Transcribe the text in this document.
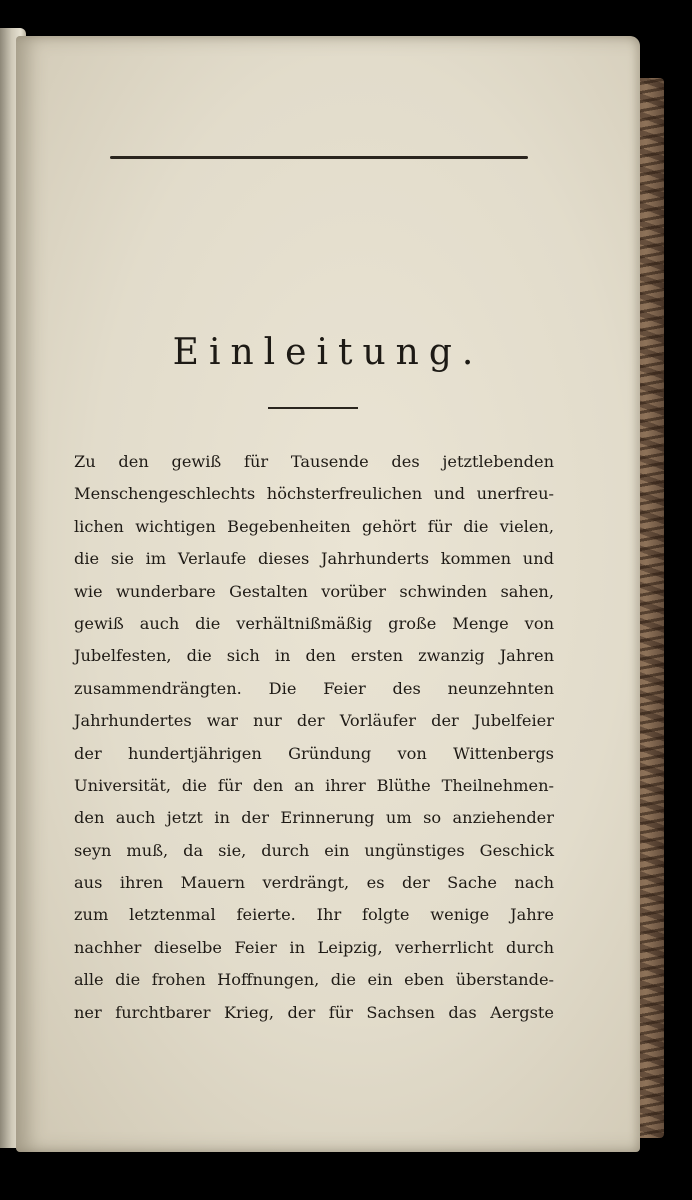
Einleitung.
Zu den gewiß für Tausende des jetztlebenden
Menschengeschlechts höchsterfreulichen und unerfreu-
lichen wichtigen Begebenheiten gehört für die vielen,
die sie im Verlaufe dieses Jahrhunderts kommen und
wie wunderbare Gestalten vorüber schwinden sahen,
gewiß auch die verhältnißmäßig große Menge von
Jubelfesten, die sich in den ersten zwanzig Jahren
zusammendrängten. Die Feier des neunzehnten
Jahrhundertes war nur der Vorläufer der Jubelfeier
der hundertjährigen Gründung von Wittenbergs
Universität, die für den an ihrer Blüthe Theilnehmen-
den auch jetzt in der Erinnerung um so anziehender
seyn muß, da sie, durch ein ungünstiges Geschick
aus ihren Mauern verdrängt, es der Sache nach
zum letztenmal feierte. Ihr folgte wenige Jahre
nachher dieselbe Feier in Leipzig, verherrlicht durch
alle die frohen Hoffnungen, die ein eben überstande-
ner furchtbarer Krieg, der für Sachsen das Aergste
